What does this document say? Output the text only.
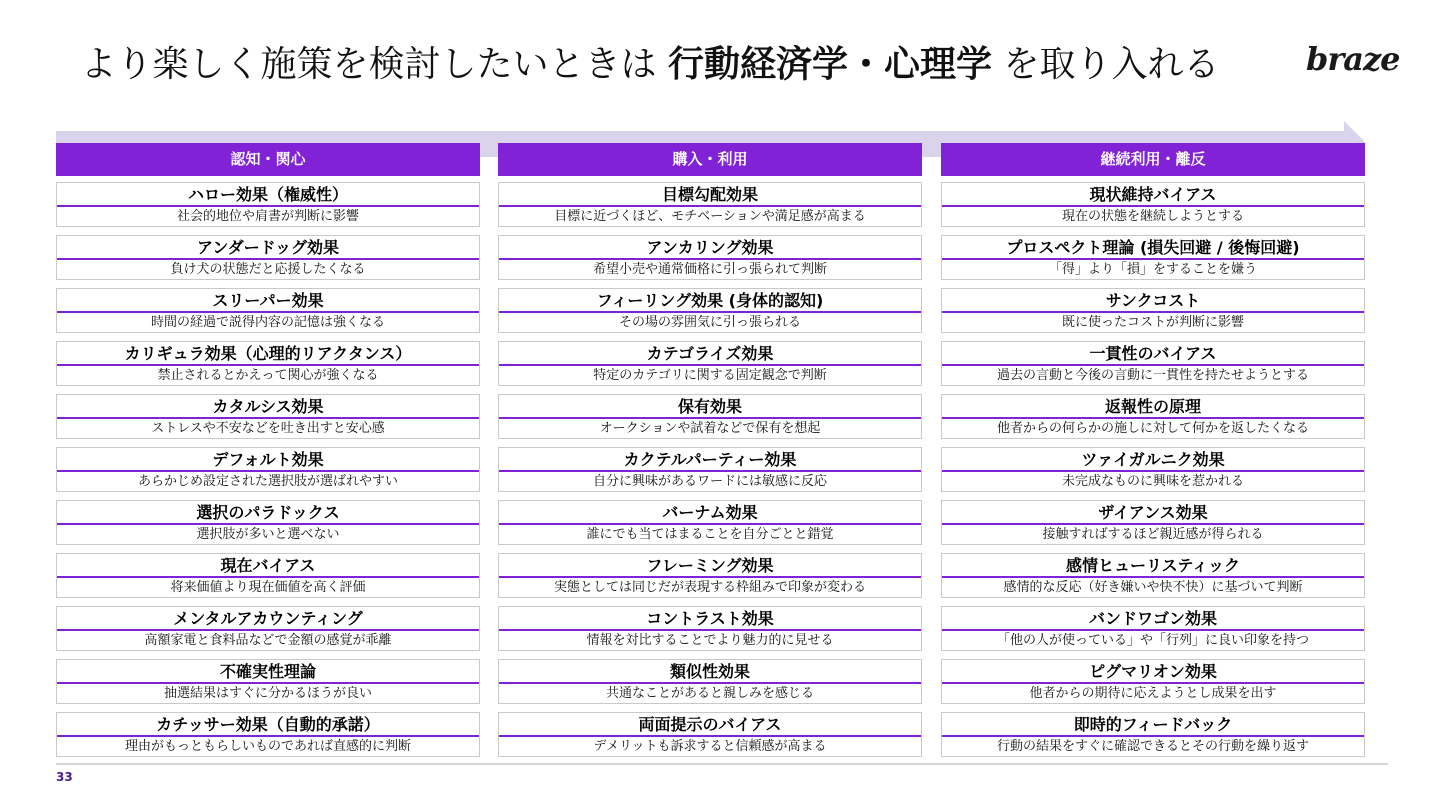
より楽しく施策を検討したいときは 行動経済学・心理学 を取り入れる	braze
認知・関心
ハロー効果（権威性）
社会的地位や肩書が判断に影響
アンダードッグ効果
負け犬の状態だと応援したくなる
スリーパー効果
時間の経過で説得内容の記憶は強くなる
カリギュラ効果（心理的リアクタンス）
禁止されるとかえって関心が強くなる
カタルシス効果
ストレスや不安などを吐き出すと安心感
デフォルト効果
あらかじめ設定された選択肢が選ばれやすい
選択のパラドックス
選択肢が多いと選べない
現在バイアス
将来価値より現在価値を高く評価
メンタルアカウンティング
高額家電と食料品などで金額の感覚が乖離
不確実性理論
抽選結果はすぐに分かるほうが良い
カチッサー効果（自動的承諾）
理由がもっともらしいものであれば直感的に判断
購入・利用
目標勾配効果
目標に近づくほど、モチベーションや満足感が高まる
アンカリング効果
希望小売や通常価格に引っ張られて判断
フィーリング効果 (身体的認知)
その場の雰囲気に引っ張られる
カテゴライズ効果
特定のカテゴリに関する固定観念で判断
保有効果
オークションや試着などで保有を想起
カクテルパーティー効果
自分に興味があるワードには敏感に反応
バーナム効果
誰にでも当てはまることを自分ごとと錯覚
フレーミング効果
実態としては同じだが表現する枠組みで印象が変わる
コントラスト効果
情報を対比することでより魅力的に見せる
類似性効果
共通なことがあると親しみを感じる
両面提示のバイアス
デメリットも訴求すると信頼感が高まる
継続利用・離反
現状維持バイアス
現在の状態を継続しようとする
プロスペクト理論 (損失回避 / 後悔回避)
「得」より「損」をすることを嫌う
サンクコスト
既に使ったコストが判断に影響
一貫性のバイアス
過去の言動と今後の言動に一貫性を持たせようとする
返報性の原理
他者からの何らかの施しに対して何かを返したくなる
ツァイガルニク効果
未完成なものに興味を惹かれる
ザイアンス効果
接触すればするほど親近感が得られる
感情ヒューリスティック
感情的な反応（好き嫌いや快不快）に基づいて判断
バンドワゴン効果
「他の人が使っている」や「行列」に良い印象を持つ
ピグマリオン効果
他者からの期待に応えようとし成果を出す
即時的フィードバック
行動の結果をすぐに確認できるとその行動を繰り返す
33
